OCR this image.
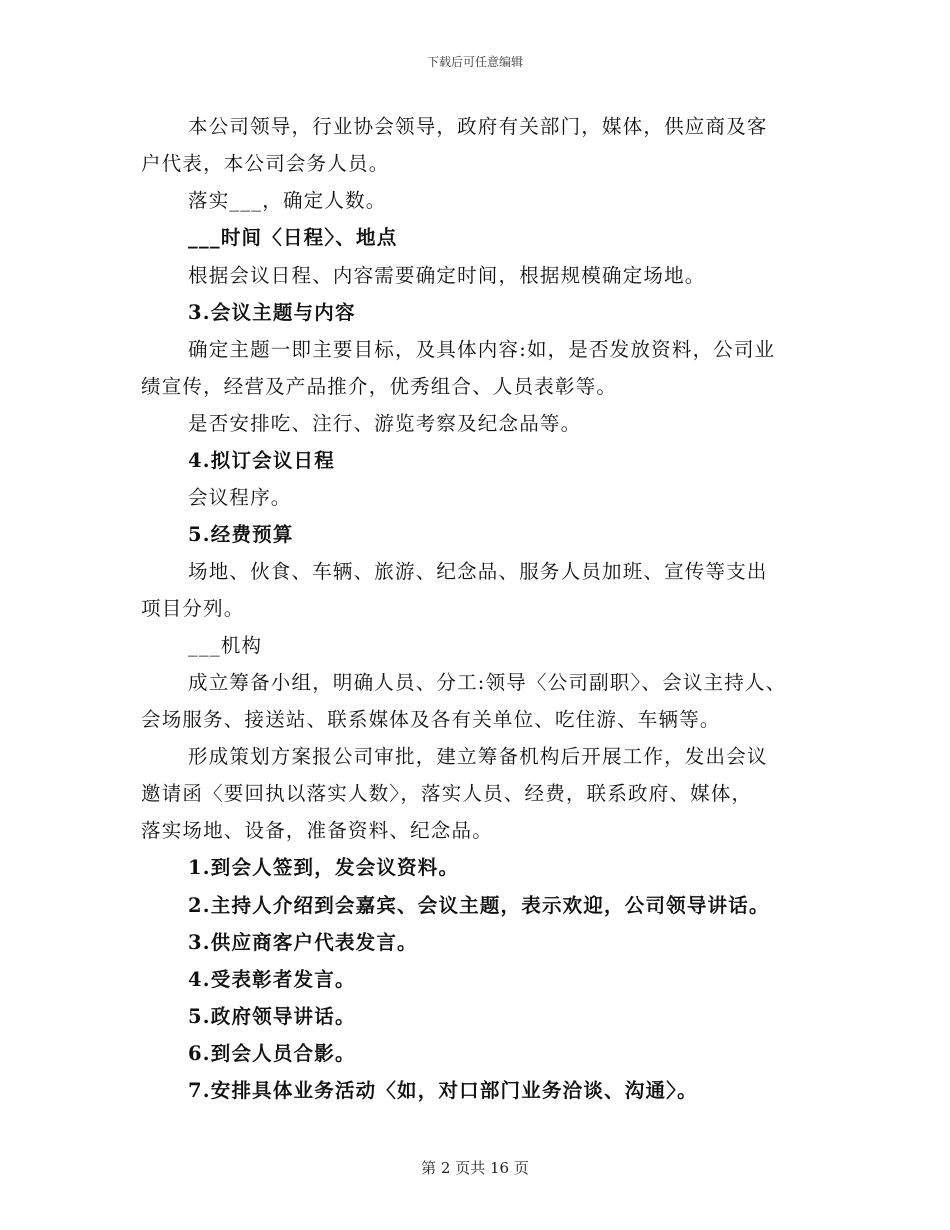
下载后可任意编辑
本公司领导，行业协会领导，政府有关部门，媒体，供应商及客
户代表，本公司会务人员。
落实___，确定人数。
___时间〈日程〉、地点
根据会议日程、内容需要确定时间，根据规模确定场地。
3.会议主题与内容
确定主题一即主要目标，及具体内容:如，是否发放资料，公司业
绩宣传，经营及产品推介，优秀组合、人员表彰等。
是否安排吃、注行、游览考察及纪念品等。
4.拟订会议日程
会议程序。
5.经费预算
场地、伙食、车辆、旅游、纪念品、服务人员加班、宣传等支出
项目分列。
___机构
成立筹备小组，明确人员、分工:领导〈公司副职〉、会议主持人、
会场服务、接送站、联系媒体及各有关单位、吃住游、车辆等。
形成策划方案报公司审批，建立筹备机构后开展工作，发出会议
邀请函〈要回执以落实人数〉，落实人员、经费，联系政府、媒体，
落实场地、设备，准备资料、纪念品。
1.到会人签到，发会议资料。
2.主持人介绍到会嘉宾、会议主题，表示欢迎，公司领导讲话。
3.供应商客户代表发言。
4.受表彰者发言。
5.政府领导讲话。
6.到会人员合影。
7.安排具体业务活动〈如，对口部门业务洽谈、沟通〉。
第 2 页共 16 页
